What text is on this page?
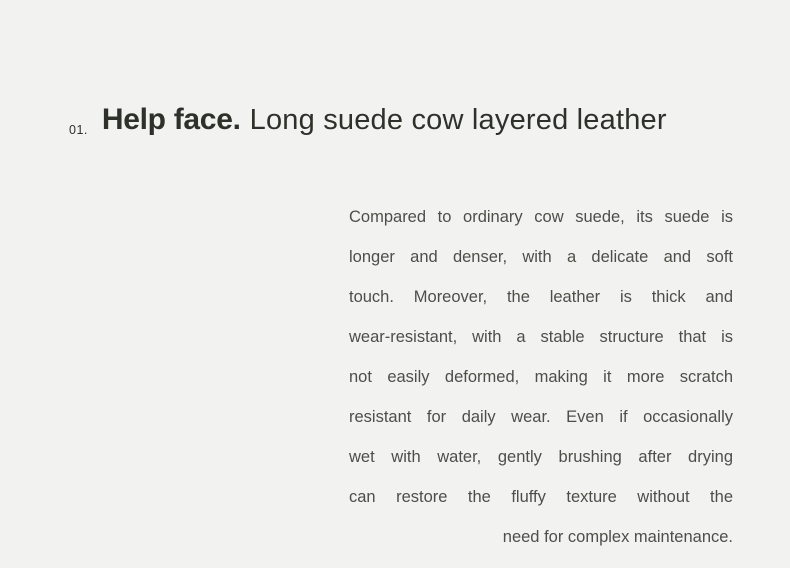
01. Help face. Long suede cow layered leather
Compared to ordinary cow suede, its suede is
longer and denser, with a delicate and soft
touch. Moreover, the leather is thick and
wear-resistant, with a stable structure that is
not easily deformed, making it more scratch
resistant for daily wear. Even if occasionally
wet with water, gently brushing after drying
can restore the fluffy texture without the
need for complex maintenance.
